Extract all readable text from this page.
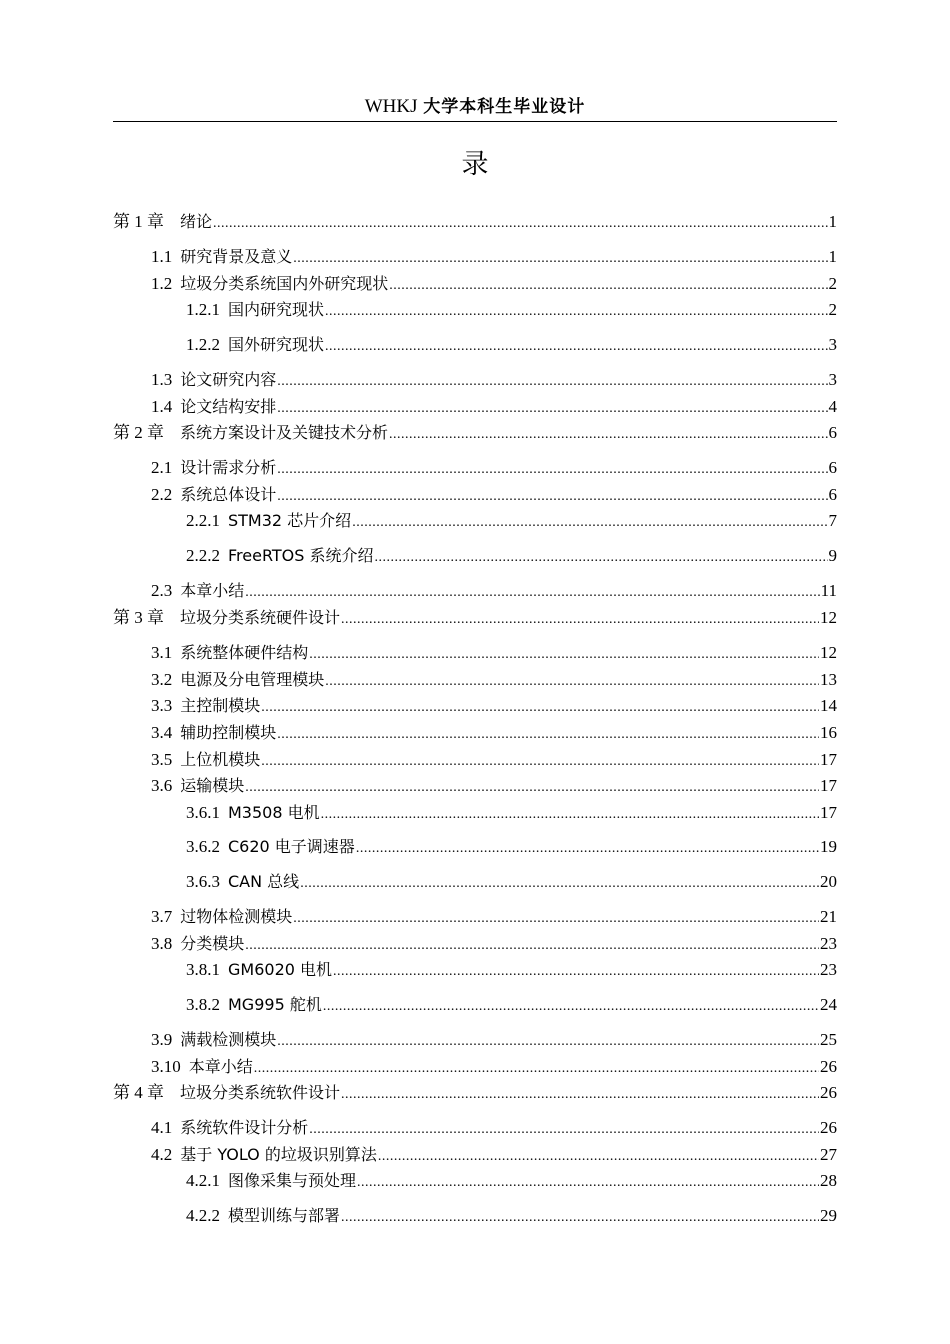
WHKJ 大学本科生毕业设计
录
第 1 章	绪论 .....	1
1.1 研究背景及意义 .....	1
1.2 垃圾分类系统国内外研究现状 .....	2
1.2.1 国内研究现状 .....	2
1.2.2 国外研究现状 .....	3
1.3 论文研究内容 .....	3
1.4 论文结构安排 .....	4
第 2 章	系统方案设计及关键技术分析 .....	6
2.1 设计需求分析 .....	6
2.2 系统总体设计 .....	6
2.2.1 STM32 芯片介绍 .....	7
2.2.2 FreeRTOS 系统介绍 .....	9
2.3 本章小结 .....	11
第 3 章	垃圾分类系统硬件设计 .....	12
3.1 系统整体硬件结构 .....	12
3.2 电源及分电管理模块 .....	13
3.3 主控制模块 .....	14
3.4 辅助控制模块 .....	16
3.5 上位机模块 .....	17
3.6 运输模块 .....	17
3.6.1 M3508 电机 .....	17
3.6.2 C620 电子调速器 .....	19
3.6.3 CAN 总线 .....	20
3.7 过物体检测模块 .....	21
3.8 分类模块 .....	23
3.8.1 GM6020 电机 .....	23
3.8.2 MG995 舵机 .....	24
3.9 满载检测模块 .....	25
3.10 本章小结 .....	26
第 4 章	垃圾分类系统软件设计 .....	26
4.1 系统软件设计分析 .....	26
4.2 基于 YOLO 的垃圾识别算法 .....	27
4.2.1 图像采集与预处理 .....	28
4.2.2 模型训练与部署 .....	29
